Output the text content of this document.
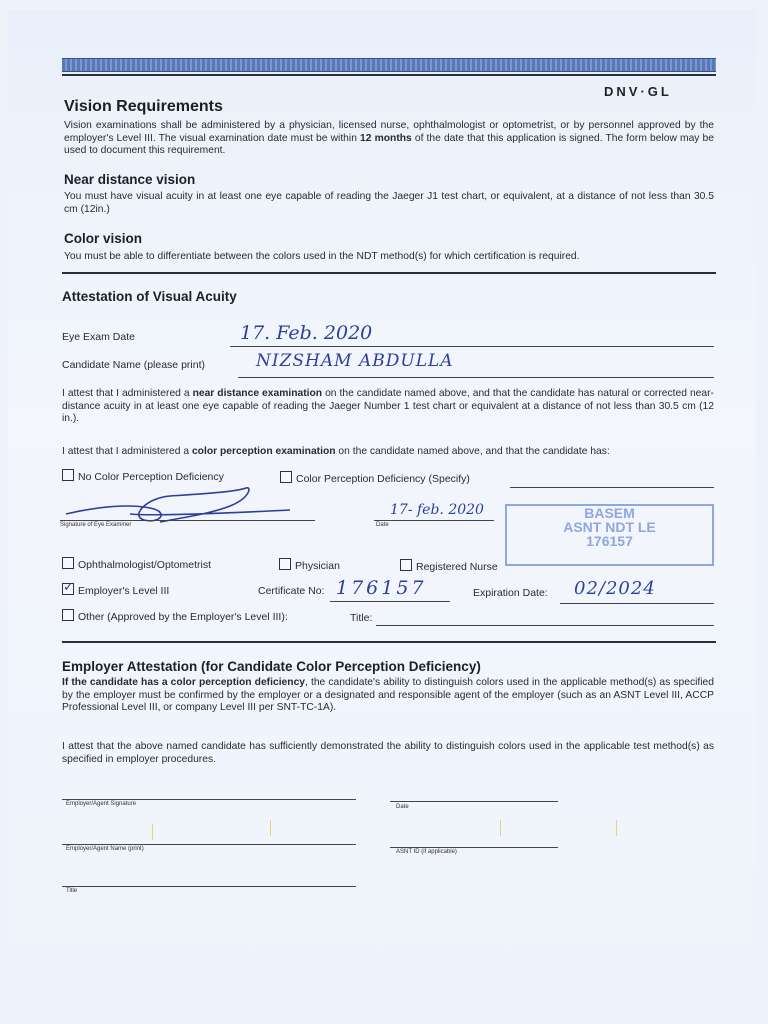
DNV·GL
Vision Requirements
Vision examinations shall be administered by a physician, licensed nurse, ophthalmologist or optometrist, or by personnel approved by the employer's Level III. The visual examination date must be within 12 months of the date that this application is signed. The form below may be used to document this requirement.
Near distance vision
You must have visual acuity in at least one eye capable of reading the Jaeger J1 test chart, or equivalent, at a distance of not less than 30.5 cm (12in.)
Color vision
You must be able to differentiate between the colors used in the NDT method(s) for which certification is required.
Attestation of Visual Acuity
Eye Exam Date	17. Feb. 2020
Candidate Name (please print)	NIZSHAM ABDULLA
I attest that I administered a near distance examination on the candidate named above, and that the candidate has natural or corrected near-distance acuity in at least one eye capable of reading the Jaeger Number 1 test chart or equivalent at a distance of not less than 30.5 cm (12 in.).
I attest that I administered a color perception examination on the candidate named above, and that the candidate has:
No Color Perception Deficiency	Color Perception Deficiency (Specify)
Signature of Eye Examiner
17- feb. 2020
Date
BASEM
ASNT NDT LE
176157
Ophthalmologist/Optometrist	Physician	Registered Nurse
✓Employer's Level III	Certificate No: 176157	Expiration Date: 02/2024
Other (Approved by the Employer's Level III):	Title:
Employer Attestation (for Candidate Color Perception Deficiency)
If the candidate has a color perception deficiency, the candidate's ability to distinguish colors used in the applicable method(s) as specified by the employer must be confirmed by the employer or a designated and responsible agent of the employer (such as an ASNT Level III, ACCP Professional Level III, or company Level III per SNT-TC-1A).
I attest that the above named candidate has sufficiently demonstrated the ability to distinguish colors used in the applicable test method(s) as specified in employer procedures.
Employer/Agent Signature	Date
Employer/Agent Name (print)	ASNT ID (if applicable)
Title
